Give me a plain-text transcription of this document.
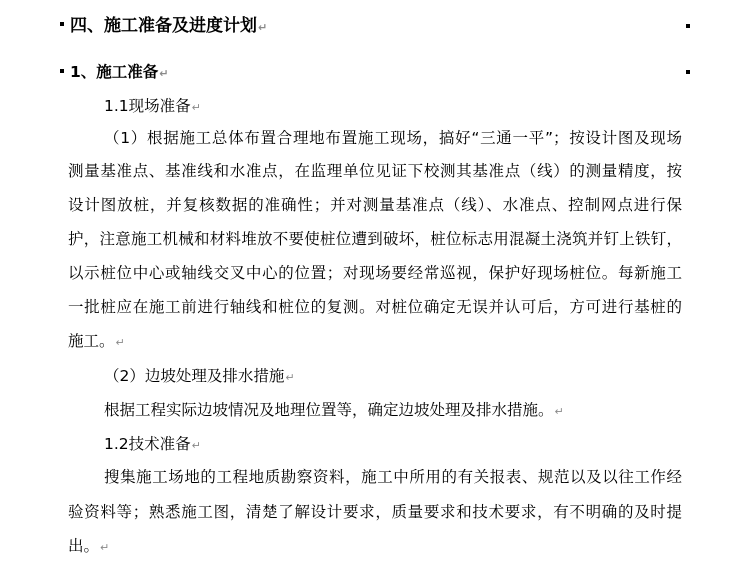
四、施工准备及进度计划↵
1、施工准备↵
1.1现场准备↵
（1）根据施工总体布置合理地布置施工现场，搞好“三通一平”；按设计图及现场
测量基准点、基准线和水准点，在监理单位见证下校测其基准点（线）的测量精度，按
设计图放桩，并复核数据的准确性；并对测量基准点（线）、水准点、控制网点进行保
护，注意施工机械和材料堆放不要使桩位遭到破坏，桩位标志用混凝土浇筑并钉上铁钉，
以示桩位中心或轴线交叉中心的位置；对现场要经常巡视，保护好现场桩位。每新施工
一批桩应在施工前进行轴线和桩位的复测。对桩位确定无误并认可后，方可进行基桩的
施工。↵
（2）边坡处理及排水措施↵
根据工程实际边坡情况及地理位置等，确定边坡处理及排水措施。↵
1.2技术准备↵
搜集施工场地的工程地质勘察资料，施工中所用的有关报表、规范以及以往工作经
验资料等；熟悉施工图，清楚了解设计要求，质量要求和技术要求，有不明确的及时提
出。↵
